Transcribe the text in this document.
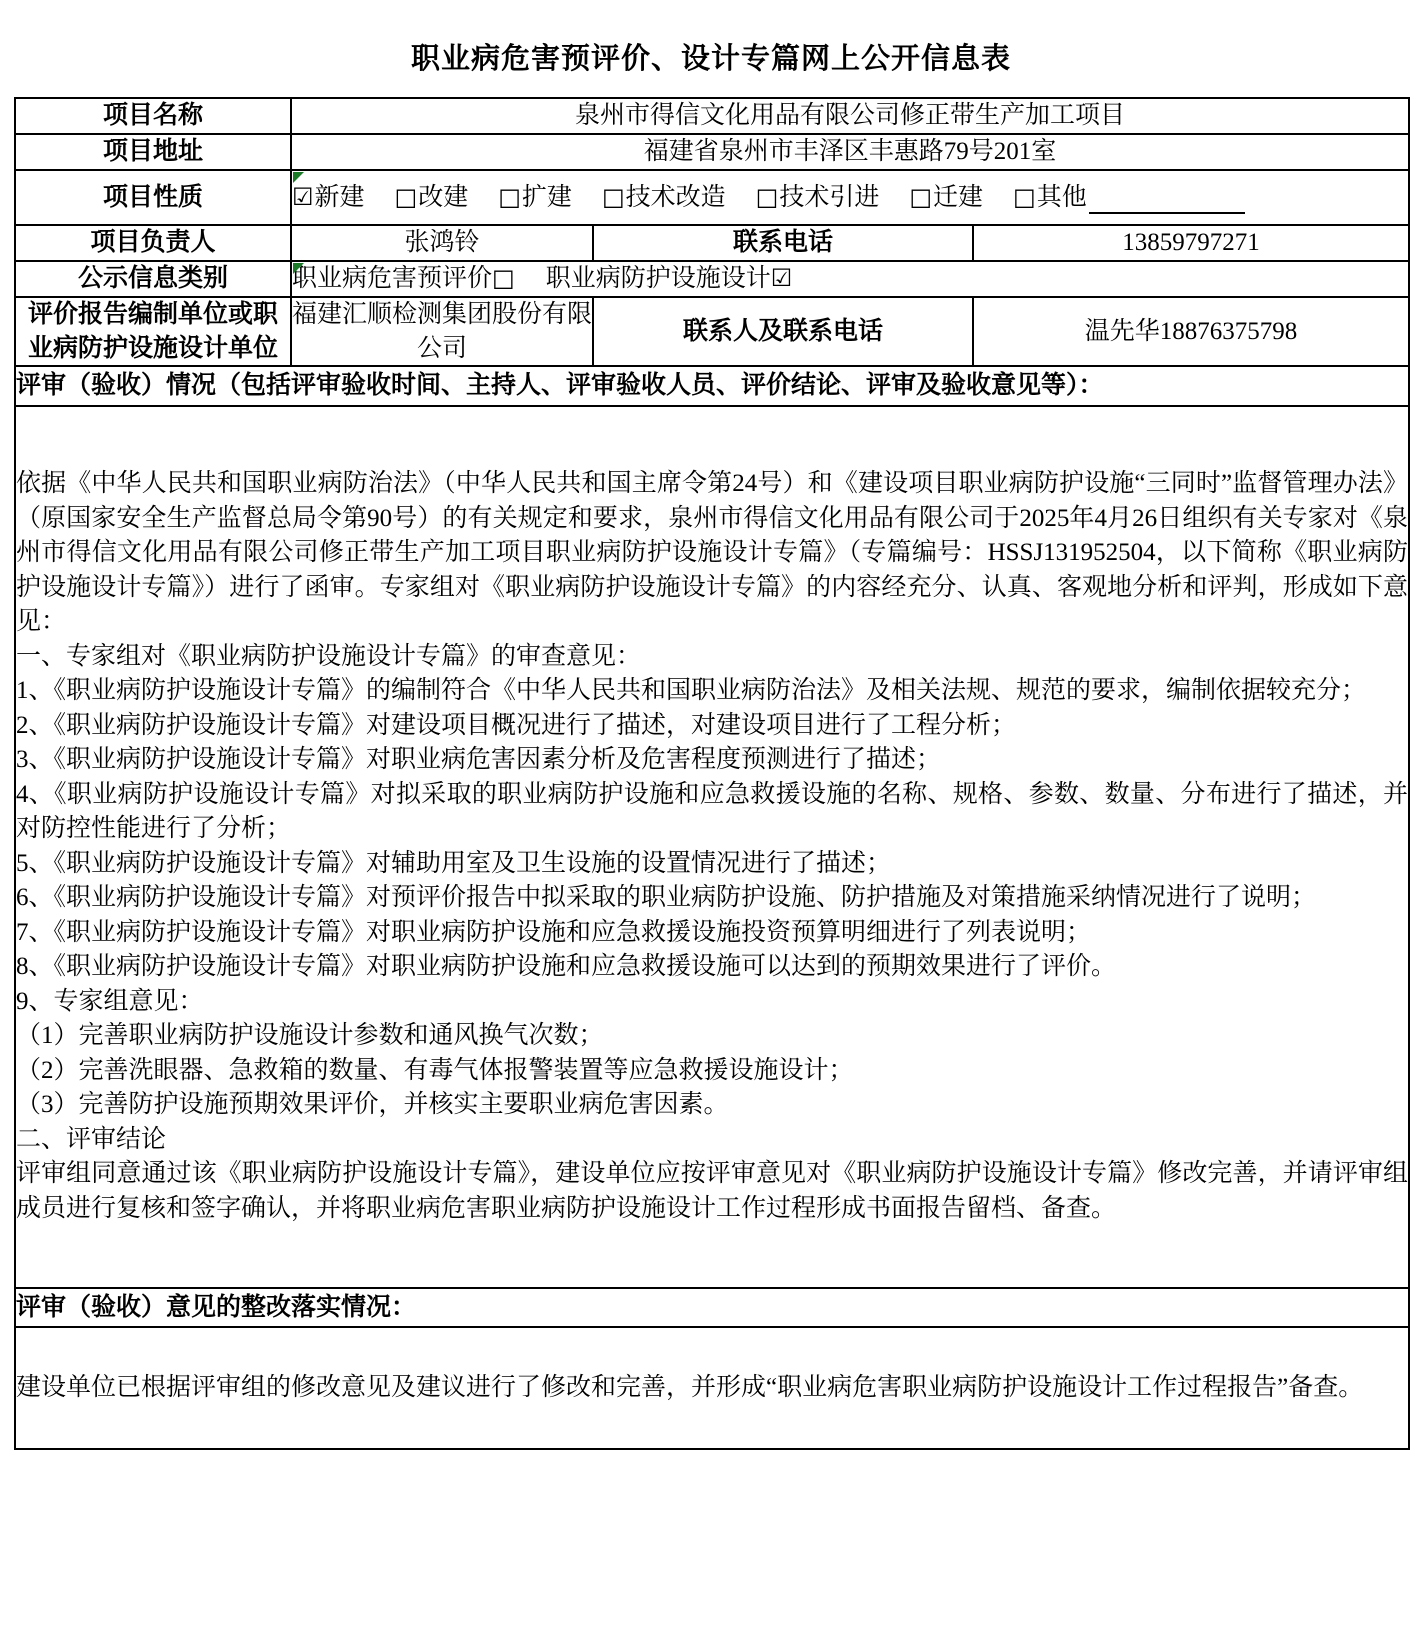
职业病危害预评价、设计专篇网上公开信息表
项目名称	泉州市得信文化用品有限公司修正带生产加工项目		
项目地址	福建省泉州市丰泽区丰惠路79号201室		
项目性质	☑新建 □改建 □扩建 □技术改造 □技术引进 □迁建 □其他

项目负责人	张鸿铃	联系电话	13859797271
公示信息类别	职业病危害预评价□ 职业病防护设施设计☑		

评价报告编制单位或职业病防护设施设计单位	福建汇顺检测集团股份有限公司	联系人及联系电话	温先华18876375798
评审（验收）情况（包括评审验收时间、主持人、评审验收人员、评价结论、评审及验收意见等）：			

依据《中华人民共和国职业病防治法》（中华人民共和国主席令第24号）和《建设项目职业病防护设施“三同时”监督管理办法》（原国家安全生产监督总局令第90号）的有关规定和要求，泉州市得信文化用品有限公司于2025年4月26日组织有关专家对《泉州市得信文化用品有限公司修正带生产加工项目职业病防护设施设计专篇》（专篇编号：HSSJ131952504，以下简称《职业病防护设施设计专篇》）进行了函审。专家组对《职业病防护设施设计专篇》的内容经充分、认真、客观地分析和评判，形成如下意见：

一、专家组对《职业病防护设施设计专篇》的审查意见：

1、《职业病防护设施设计专篇》的编制符合《中华人民共和国职业病防治法》及相关法规、规范的要求，编制依据较充分；

2、《职业病防护设施设计专篇》对建设项目概况进行了描述，对建设项目进行了工程分析；

3、《职业病防护设施设计专篇》对职业病危害因素分析及危害程度预测进行了描述；

4、《职业病防护设施设计专篇》对拟采取的职业病防护设施和应急救援设施的名称、规格、参数、数量、分布进行了描述，并对防控性能进行了分析；

5、《职业病防护设施设计专篇》对辅助用室及卫生设施的设置情况进行了描述；

6、《职业病防护设施设计专篇》对预评价报告中拟采取的职业病防护设施、防护措施及对策措施采纳情况进行了说明；

7、《职业病防护设施设计专篇》对职业病防护设施和应急救援设施投资预算明细进行了列表说明；

8、《职业病防护设施设计专篇》对职业病防护设施和应急救援设施可以达到的预期效果进行了评价。

9、专家组意见：

（1）完善职业病防护设施设计参数和通风换气次数；

（2）完善洗眼器、急救箱的数量、有毒气体报警装置等应急救援设施设计；

（3）完善防护设施预期效果评价，并核实主要职业病危害因素。

二、评审结论

评审组同意通过该《职业病防护设施设计专篇》，建设单位应按评审意见对《职业病防护设施设计专篇》修改完善，并请评审组成员进行复核和签字确认，并将职业病危害职业病防护设施设计工作过程形成书面报告留档、备查。

评审（验收）意见的整改落实情况：			

建设单位已根据评审组的修改意见及建议进行了修改和完善，并形成“职业病危害职业病防护设施设计工作过程报告”备查。			
